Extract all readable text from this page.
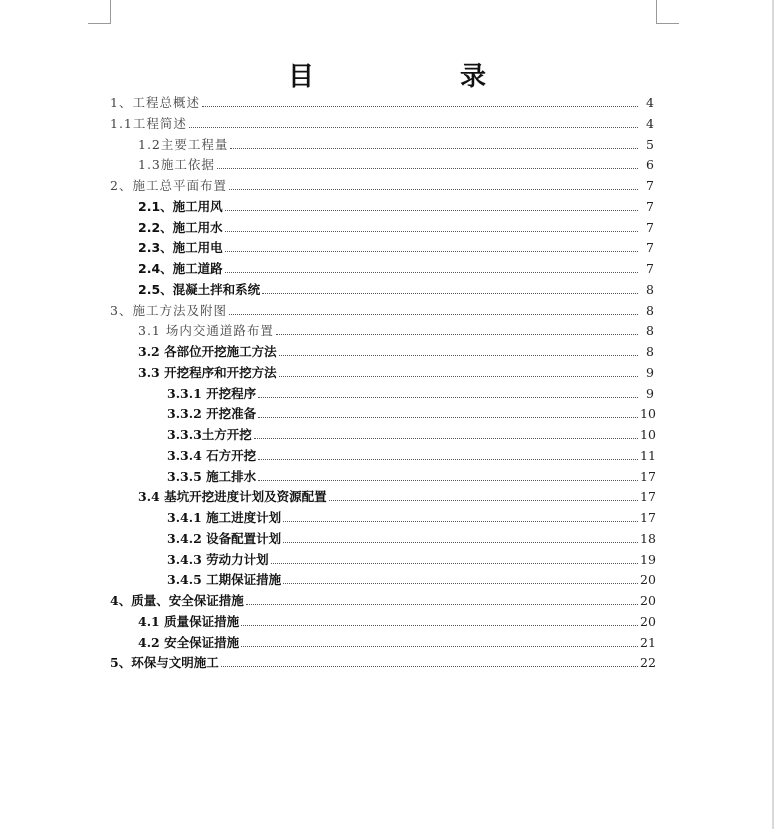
目　录
1、工程总概述	4
1.1工程简述	4
1.2主要工程量	5
1.3施工依据	6
2、施工总平面布置	7
2.1、施工用风	7
2.2、施工用水	7
2.3、施工用电	7
2.4、施工道路	7
2.5、混凝土拌和系统	8
3、施工方法及附图	8
3.1 场内交通道路布置	8
3.2 各部位开挖施工方法	8
3.3 开挖程序和开挖方法	9
3.3.1 开挖程序	9
3.3.2 开挖准备	10
3.3.3土方开挖	10
3.3.4 石方开挖	11
3.3.5 施工排水	17
3.4 基坑开挖进度计划及资源配置	17
3.4.1 施工进度计划	17
3.4.2 设备配置计划	18
3.4.3 劳动力计划	19
3.4.5 工期保证措施	20
4、质量、安全保证措施	20
4.1 质量保证措施	20
4.2 安全保证措施	21
5、环保与文明施工	22
